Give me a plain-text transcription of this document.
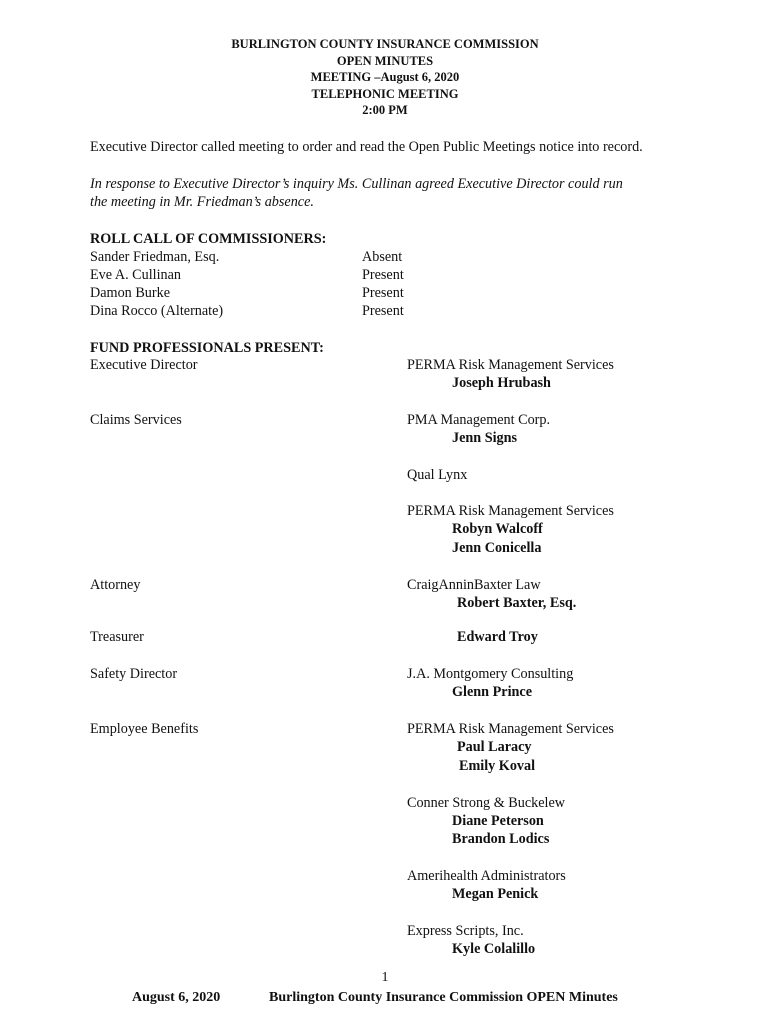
BURLINGTON COUNTY INSURANCE COMMISSION
OPEN MINUTES
MEETING –August 6, 2020
TELEPHONIC MEETING
2:00 PM
Executive Director called meeting to order and read the Open Public Meetings notice into record.
In response to Executive Director’s inquiry Ms. Cullinan agreed Executive Director could run
the meeting in Mr. Friedman’s absence.
ROLL CALL OF COMMISSIONERS:
Sander Friedman, Esq.	Absent
Eve A. Cullinan	Present
Damon Burke	Present
Dina Rocco (Alternate)	Present
FUND PROFESSIONALS PRESENT:
Executive Director	PERMA Risk Management Services
Joseph Hrubash
Claims Services	PMA Management Corp.
Jenn Signs
Qual Lynx
PERMA Risk Management Services
Robyn Walcoff
Jenn Conicella
Attorney	CraigAnninBaxter Law
Robert Baxter, Esq.
Treasurer	Edward Troy
Safety Director	J.A. Montgomery Consulting
Glenn Prince
Employee Benefits	PERMA Risk Management Services
Paul Laracy
Emily Koval
Conner Strong & Buckelew
Diane Peterson
Brandon Lodics
Amerihealth Administrators
Megan Penick
Express Scripts, Inc.
Kyle Colalillo
1
August 6, 2020	Burlington County Insurance Commission OPEN Minutes
